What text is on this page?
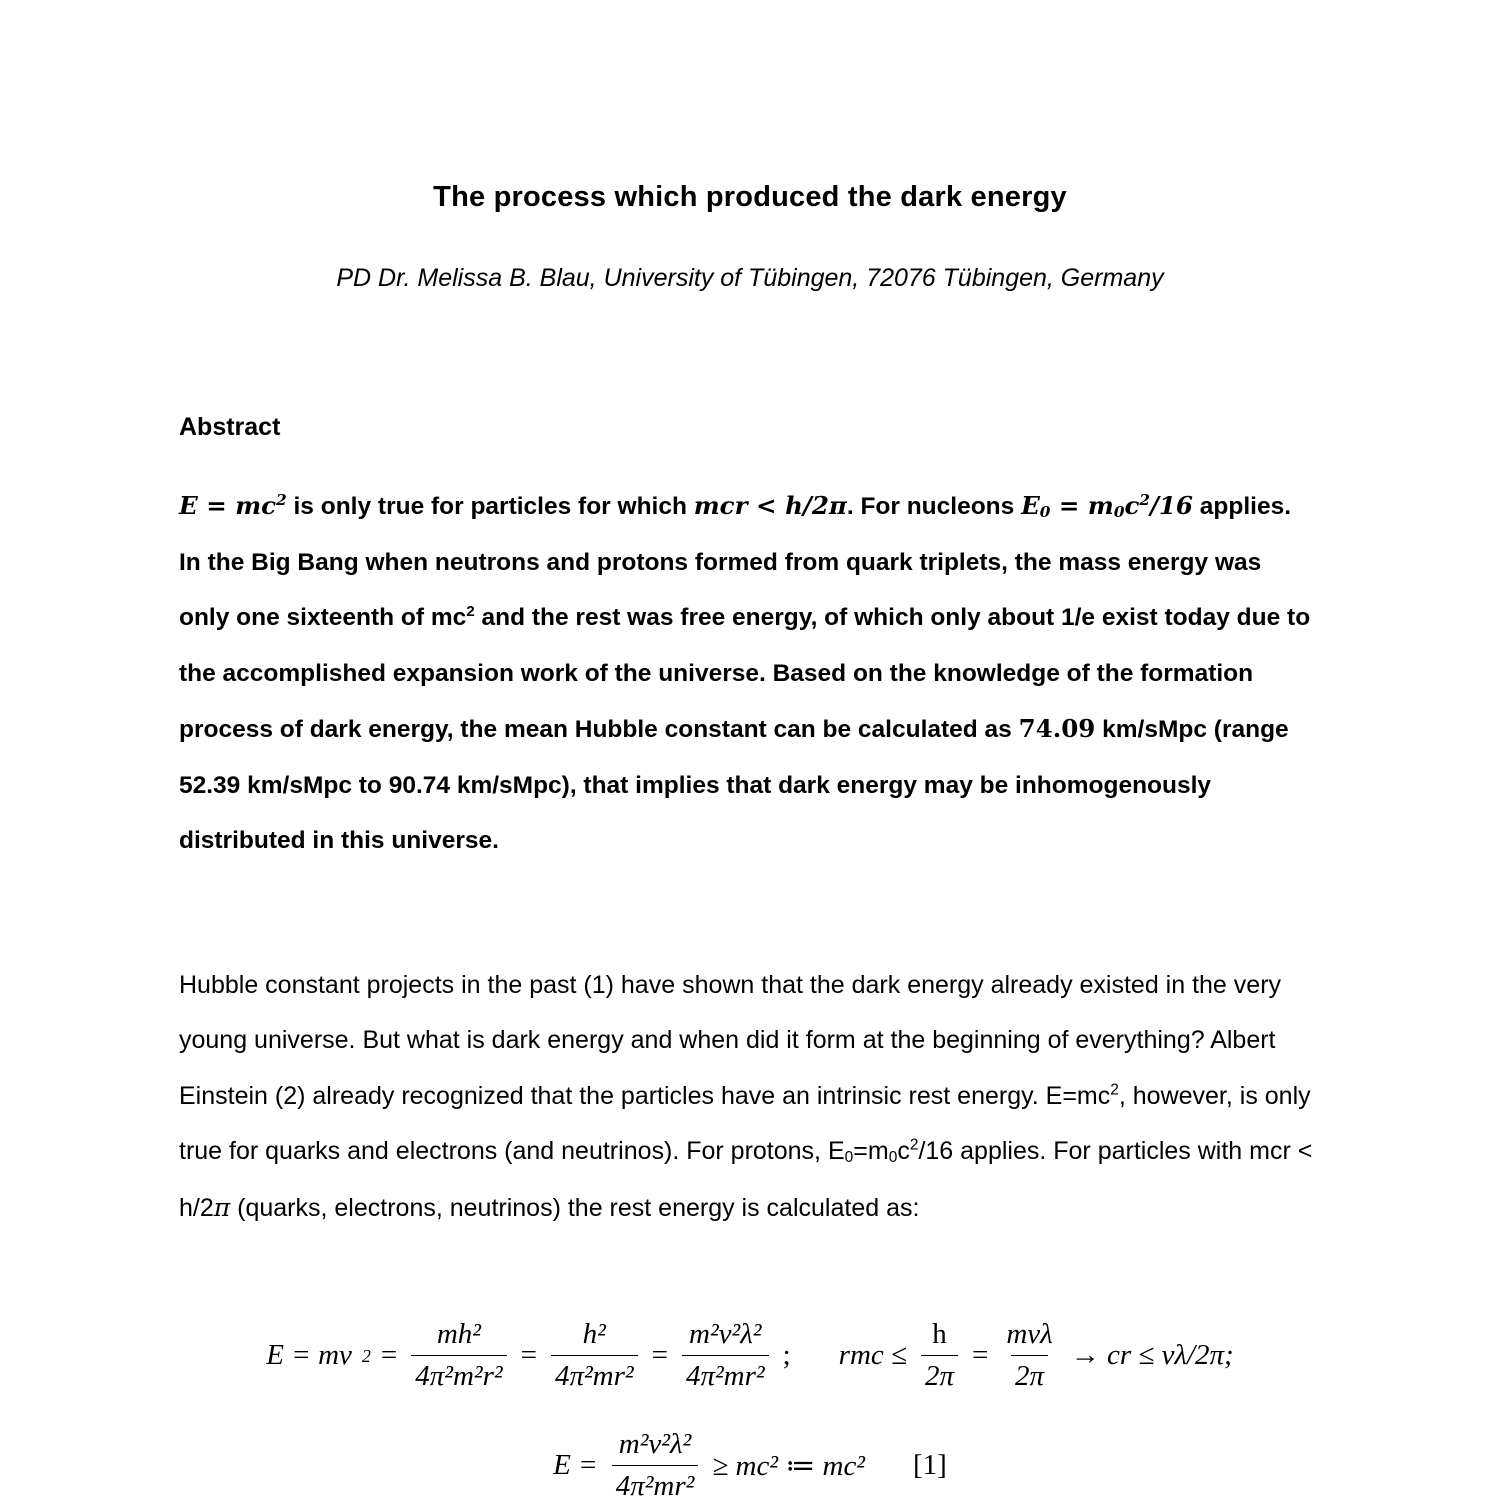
The process which produced the dark energy
PD Dr. Melissa B. Blau, University of Tübingen, 72076 Tübingen, Germany
Abstract

$E = mc^2$ is only true for particles for which mcr < h/2π. For nucleons $E_0 = m_0c^2/16$ applies. In the Big Bang when neutrons and protons formed from quark triplets, the mass energy was only one sixteenth of $mc^2$ and the rest was free energy, of which only about 1/e exist today due to the accomplished expansion work of the universe. Based on the knowledge of the formation process of dark energy, the mean Hubble constant can be calculated as 74.09 km/sMpc (range 52.39 km/sMpc to 90.74 km/sMpc), that implies that dark energy may be inhomogenously distributed in this universe.

Hubble constant projects in the past (1) have shown that the dark energy already existed in the very young universe. But what is dark energy and when did it form at the beginning of everything? Albert Einstein (2) already recognized that the particles have an intrinsic rest energy. $E=mc^2$, however, is only true for quarks and electrons (and neutrinos). For protons, $E_0=m_0c^2/16$ applies. For particles with mcr < h/2π (quarks, electrons, neutrinos) the rest energy is calculated as:

E = mv $2 = \frac{\text{mh²}}{\text{4π²m²r²}} = \frac{\text{h²}}{\text{4π²mr²}} = \frac{\text{m²v²λ²}}{\text{4π²mr²}}$ ; rmc ≤ $\frac{h}{2\pi} = \frac{\text{mvλ}}{2\pi}$ → cr ≤ vλ/2π;
$E = \frac{\text{m²v²λ²}}{\text{4π²mr²}} \ge mc^2$ ≔ mc² [1]
